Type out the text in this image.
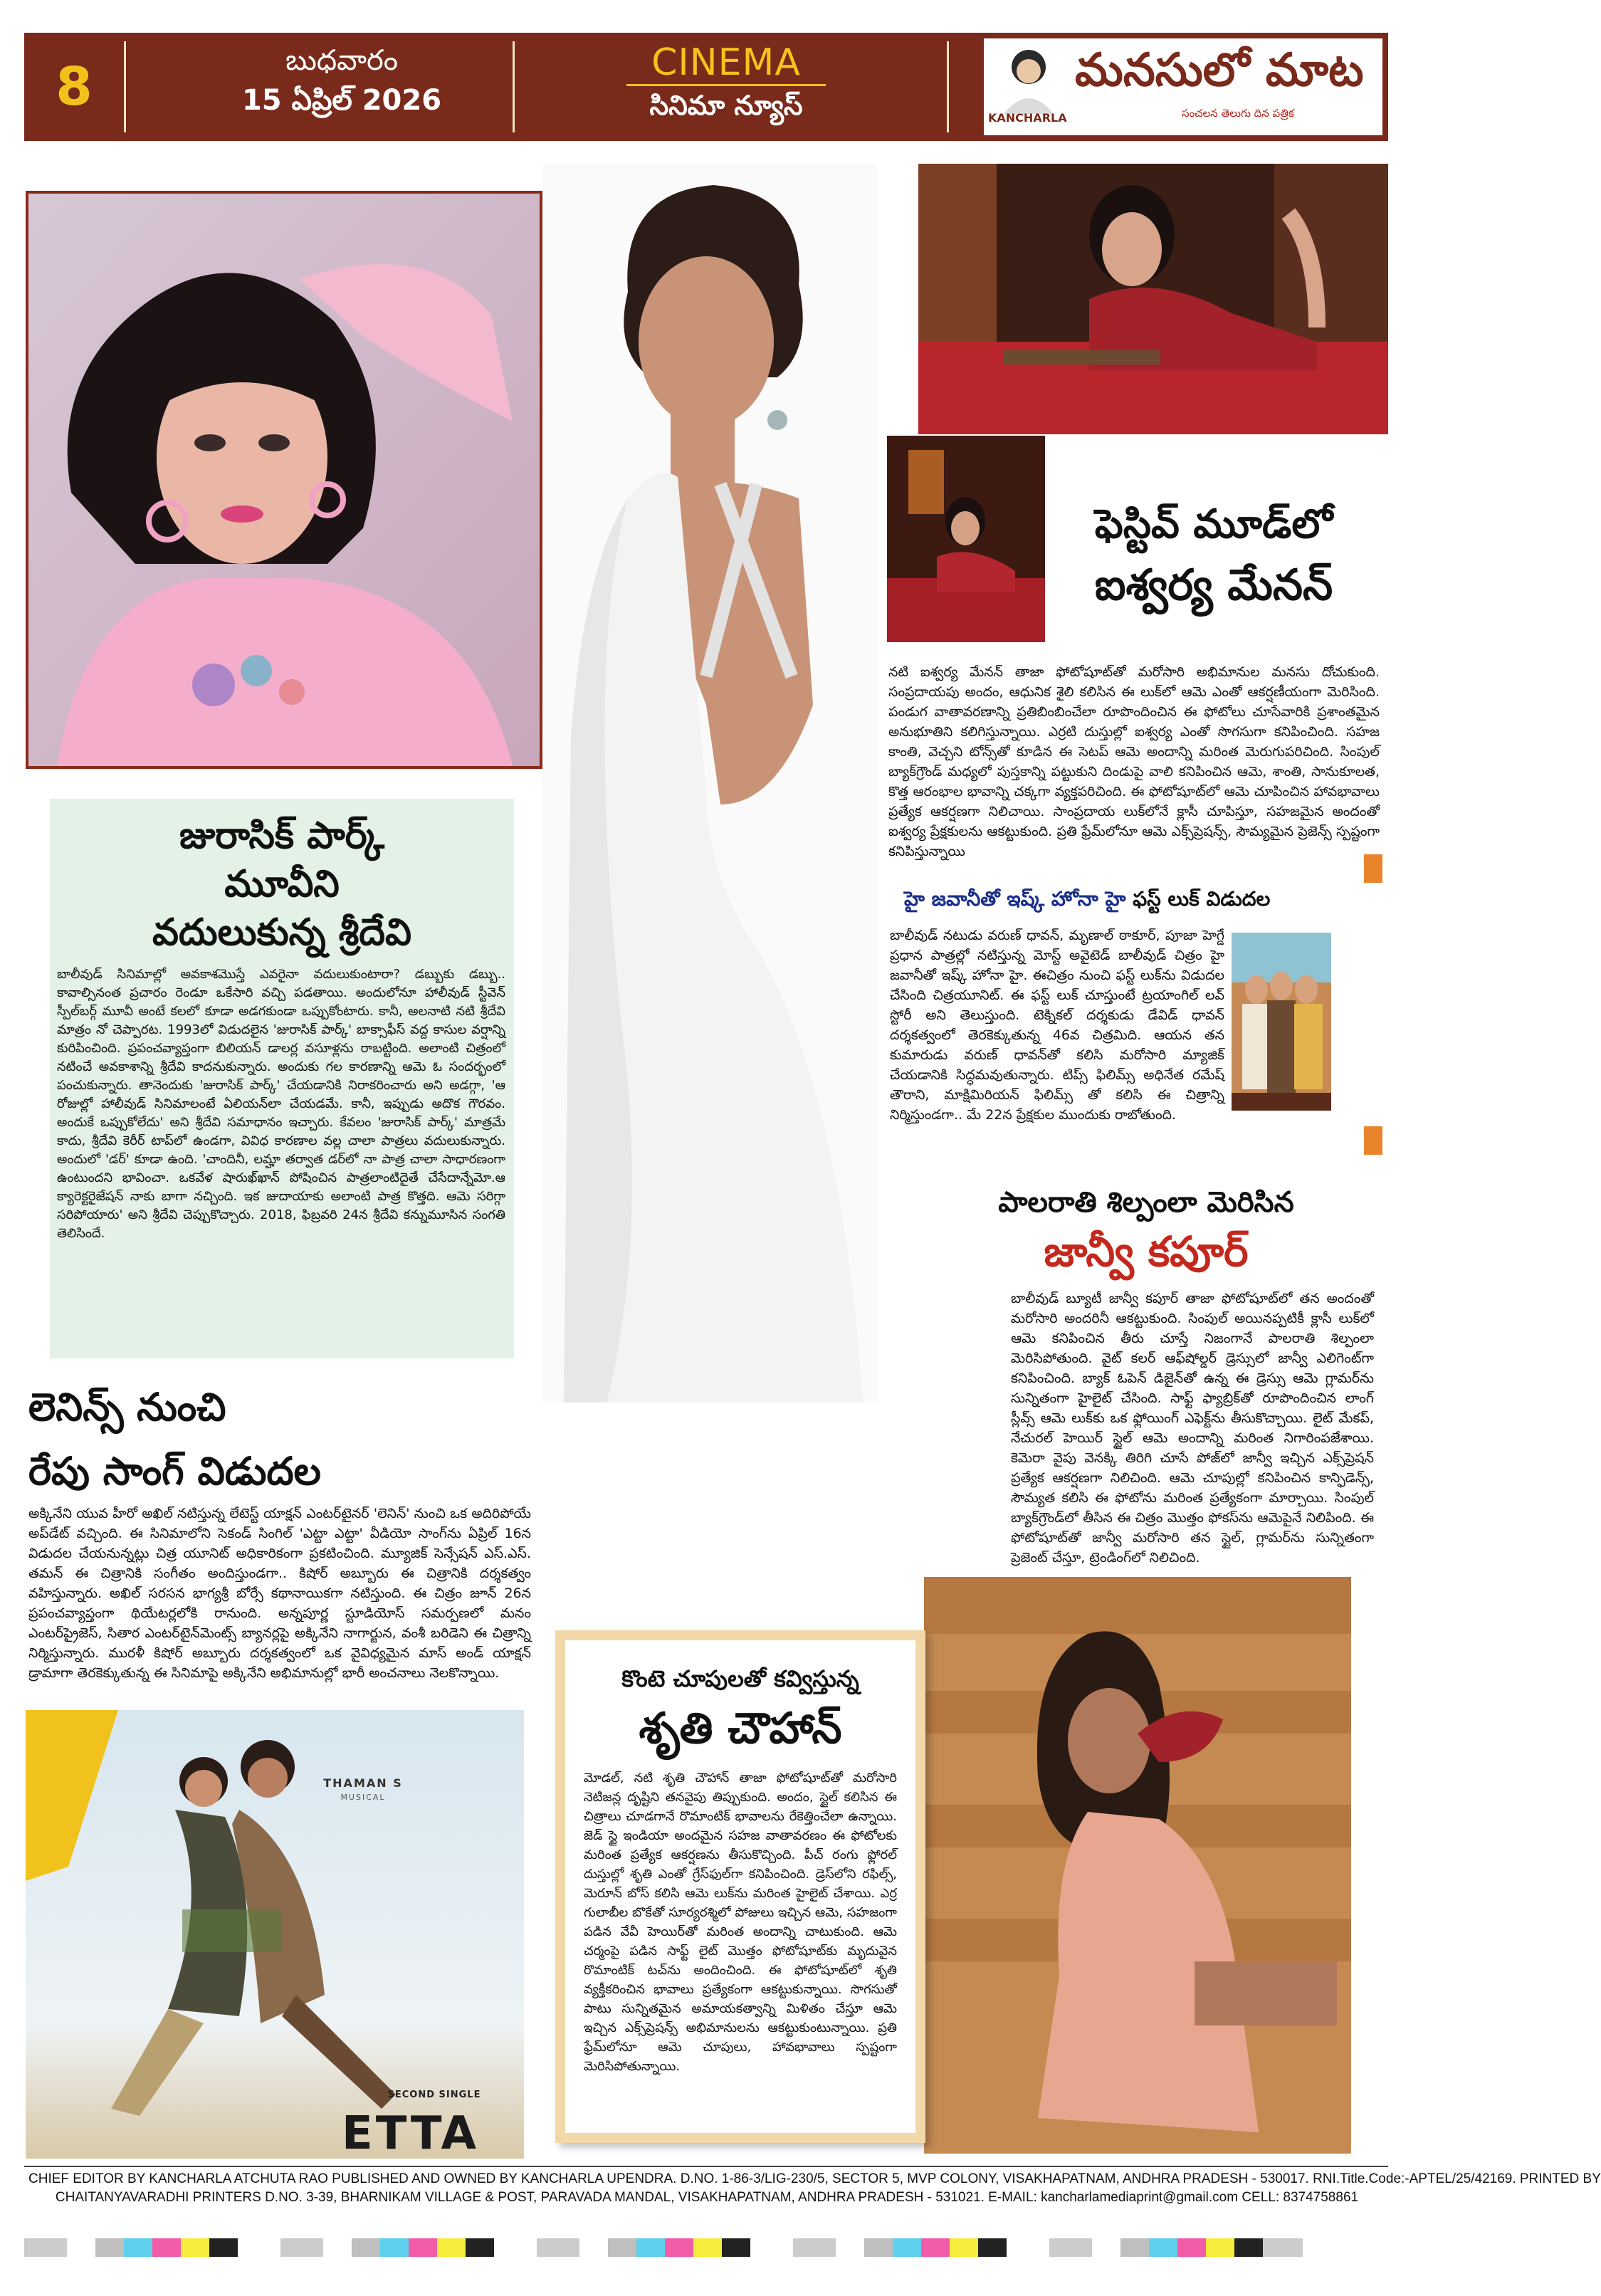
8	బుధవారం
15 ఏప్రిల్ 2026
CINEMA
సినిమా న్యూస్
మనసులో మాట
KANCHARLA	సంచలన తెలుగు దిన పత్రిక
THAMAN S
MUSICAL
SECOND SINGLE
ETTA
ఫెస్టివ్ మూడ్‌లో
ఐశ్వర్య మేనన్
నటి ఐశ్వర్య మేనన్ తాజా ఫోటోషూట్‌తో మరోసారి అభిమానుల మనసు దోచుకుంది. సంప్రదాయపు అందం, ఆధునిక శైలి కలిసిన ఈ లుక్‌లో ఆమె ఎంతో ఆకర్షణీయంగా మెరిసింది. పండుగ వాతావరణాన్ని ప్రతిబింబించేలా రూపొందించిన ఈ ఫోటోలు చూసేవారికి ప్రశాంతమైన అనుభూతిని కలిగిస్తున్నాయి. ఎర్రటి దుస్తుల్లో ఐశ్వర్య ఎంతో సొగసుగా కనిపించింది. సహజ కాంతి, వెచ్చని టోన్స్‌తో కూడిన ఈ సెటప్ ఆమె అందాన్ని మరింత మెరుగుపరిచింది. సింపుల్ బ్యాక్‌గ్రౌండ్ మధ్యలో పుస్తకాన్ని పట్టుకుని దిండుపై వాలి కనిపించిన ఆమె, శాంతి, సానుకూలత, కొత్త ఆరంభాల భావాన్ని చక్కగా వ్యక్తపరిచింది. ఈ ఫోటోషూట్‌లో ఆమె చూపించిన హావభావాలు ప్రత్యేక ఆకర్షణగా నిలిచాయి. సాంప్రదాయ లుక్‌లోనే క్లాసీ చూపిస్తూ, సహజమైన అందంతో ఐశ్వర్య ప్రేక్షకులను ఆకట్టుకుంది. ప్రతి ఫ్రేమ్‌లోనూ ఆమె ఎక్స్‌ప్రెషన్స్, సౌమ్యమైన ప్రెజెన్స్ స్పష్టంగా కనిపిస్తున్నాయి
హై జవానీతో ఇష్క్ హోనా హై ఫస్ట్ లుక్ విడుదల
బాలీవుడ్ నటుడు వరుణ్ ధావన్, మృణాల్ ఠాకూర్, పూజా హెగ్డే ప్రధాన పాత్రల్లో నటిస్తున్న మోస్ట్ అవైటెడ్ బాలీవుడ్ చిత్రం హై జవానీతో ఇష్క్ హోనా హై. ఈచిత్రం నుంచి ఫస్ట్ లుక్‌ను విడుదల చేసింది చిత్రయూనిట్. ఈ ఫస్ట్ లుక్ చూస్తుంటే ట్రయాంగిల్ లవ్ స్టోరీ అని తెలుస్తుంది. టెక్నికల్ దర్శకుడు డేవిడ్ ధావన్ దర్శకత్వంలో తెరకెక్కుతున్న 46వ చిత్రమిది. ఆయన తన కుమారుడు వరుణ్ ధావన్‌తో కలిసి మరోసారి మ్యాజిక్ చేయడానికి సిద్ధమవుతున్నారు. టిప్స్ ఫిలిమ్స్ అధినేత రమేష్ తౌరాని, మాక్షిమిరియన్ ఫిలిమ్స్ తో కలిసి ఈ చిత్రాన్ని నిర్మిస్తుండగా.. మే 22న ప్రేక్షకుల ముందుకు రాబోతుంది.
పాలరాతి శిల్పంలా మెరిసిన
జాన్వీ కపూర్
బాలీవుడ్ బ్యూటీ జాన్వీ కపూర్ తాజా ఫోటోషూట్‌లో తన అందంతో మరోసారి అందరినీ ఆకట్టుకుంది. సింపుల్ అయినప్పటికీ క్లాసీ లుక్‌లో ఆమె కనిపించిన తీరు చూస్తే నిజంగానే పాలరాతి శిల్పంలా మెరిసిపోతుంది. వైట్ కలర్ ఆఫ్‌షోల్డర్ డ్రెస్సులో జాన్వీ ఎలిగెంట్‌గా కనిపించింది. బ్యాక్ ఓపెన్ డిజైన్‌తో ఉన్న ఈ డ్రెస్సు ఆమె గ్లామర్‌ను సున్నితంగా హైలైట్ చేసింది. సాఫ్ట్ ఫ్యాబ్రిక్‌తో రూపొందించిన లాంగ్ స్లీవ్స్ ఆమె లుక్‌కు ఒక ఫ్లోయింగ్ ఎఫెక్ట్‌ను తీసుకొచ్చాయి. లైట్ మేకప్, నేచురల్ హెయిర్ స్టైల్ ఆమె అందాన్ని మరింత నిగారింపజేశాయి. కెమెరా వైపు వెనక్కి తిరిగి చూసే పోజ్‌లో జాన్వీ ఇచ్చిన ఎక్స్‌ప్రెషన్ ప్రత్యేక ఆకర్షణగా నిలిచింది. ఆమె చూపుల్లో కనిపించిన కాన్ఫిడెన్స్, సౌమ్యత కలిసి ఈ ఫోటోను మరింత ప్రత్యేకంగా మార్చాయి. సింపుల్ బ్యాక్‌గ్రౌండ్‌లో తీసిన ఈ చిత్రం మొత్తం ఫోకస్‌ను ఆమెపైనే నిలిపింది. ఈ ఫోటోషూట్‌తో జాన్వీ మరోసారి తన స్టైల్, గ్లామర్‌ను సున్నితంగా ప్రెజెంట్ చేస్తూ, ట్రెండింగ్‌లో నిలిచింది.
జురాసిక్ పార్క్
మూవీని
వదులుకున్న శ్రీదేవి
బాలీవుడ్ సినిమాల్లో అవకాశమొస్తే ఎవరైనా వదులుకుంటారా? డబ్బుకు డబ్బు.. కావాల్సినంత ప్రచారం రెండూ ఒకేసారి వచ్చి పడతాయి. అందులోనూ హాలీవుడ్ స్టీవెన్ స్పీల్‌బర్గ్ మూవీ అంటే కలలో కూడా అడగకుండా ఒప్పుకోంటారు. కానీ, అలనాటి నటి శ్రీదేవి మాత్రం నో చెప్పారట. 1993లో విడుదలైన 'జురాసిక్ పార్క్' బాక్సాఫీస్ వద్ద కాసుల వర్షాన్ని కురిపించింది. ప్రపంచవ్యాప్తంగా బిలియన్ డాలర్ల వసూళ్లను రాబట్టింది. అలాంటి చిత్రంలో నటించే అవకాశాన్ని శ్రీదేవి కాదనుకున్నారు. అందుకు గల కారణాన్ని ఆమె ఓ సందర్భంలో పంచుకున్నారు. తానెందుకు 'జురాసిక్ పార్క్' చేయడానికి నిరాకరించారు అని అడగ్గా, 'ఆ రోజుల్లో హాలీవుడ్ సినిమాలంటే ఏలియన్‌లా చేయడమే. కానీ, ఇప్పుడు అదొక గౌరవం. అందుకే ఒప్పుకోలేదు' అని శ్రీదేవి సమాధానం ఇచ్చారు. కేవలం 'జురాసిక్ పార్క్' మాత్రమే కాదు, శ్రీదేవి కెరీర్ టాప్‌లో ఉండగా, వివిధ కారణాల వల్ల చాలా పాత్రలు వదులుకున్నారు. అందులో 'డర్' కూడా ఉంది. 'చాందినీ, లమ్హా తర్వాత డర్‌లో నా పాత్ర చాలా సాధారణంగా ఉంటుందని భావించా. ఒకవేళ షారుఖ్‌ఖాన్ పోషించిన పాత్రలాంటిదైతే చేసేదాన్నేమో.ఆ క్యారెక్టరైజేషన్ నాకు బాగా నచ్చింది. ఇక జుదాయాకు అలాంటి పాత్ర కొత్తది. ఆమె సరిగ్గా సరిపోయారు' అని శ్రీదేవి చెప్పుకొచ్చారు. 2018, ఫిబ్రవరి 24న శ్రీదేవి కన్నుమూసిన సంగతి తెలిసిందే.
లెనిన్స్ నుంచి
రేపు సాంగ్ విడుదల
అక్కినేని యువ హీరో అఖిల్ నటిస్తున్న లేటెస్ట్ యాక్షన్ ఎంటర్‌టైనర్ 'లెనిన్' నుంచి ఒక అదిరిపోయే అప్‌డేట్ వచ్చింది. ఈ సినిమాలోని సెకండ్ సింగిల్ 'ఎట్టా ఎట్టా' వీడియో సాంగ్‌ను ఏప్రిల్ 16న విడుదల చేయనున్నట్లు చిత్ర యూనిట్ అధికారికంగా ప్రకటించింది. మ్యూజిక్ సెన్సేషన్ ఎస్.ఎస్. తమన్ ఈ చిత్రానికి సంగీతం అందిస్తుండగా.. కిషోర్ అబ్బూరు ఈ చిత్రానికి దర్శకత్వం వహిస్తున్నారు. అఖిల్ సరసన భాగ్యశ్రీ బోర్సే కథానాయికగా నటిస్తుంది. ఈ చిత్రం జూన్ 26న ప్రపంచవ్యాప్తంగా థియేటర్లలోకి రానుంది. అన్నపూర్ణ స్టూడియోస్ సమర్పణలో మనం ఎంటర్‌ప్రైజెస్, సితార ఎంటర్‌టైన్‌మెంట్స్ బ్యానర్లపై అక్కినేని నాగార్జున, వంశీ బరిడెని ఈ చిత్రాన్ని నిర్మిస్తున్నారు. మురళీ కిషోర్ అబ్బూరు దర్శకత్వంలో ఒక వైవిధ్యమైన మాస్ అండ్ యాక్షన్ డ్రామాగా తెరకెక్కుతున్న ఈ సినిమాపై అక్కినేని అభిమానుల్లో భారీ అంచనాలు నెలకొన్నాయి.	కొంటె చూపులతో కవ్విస్తున్న
శృతి చౌహాన్
మోడల్, నటి శృతి చౌహాన్ తాజా ఫోటోషూట్‌తో మరోసారి నెటిజన్ల దృష్టిని తనవైపు తిప్పుకుంది. అందం, స్టైల్ కలిసిన ఈ చిత్రాలు చూడగానే రొమాంటిక్ భావాలను రేకెత్తించేలా ఉన్నాయి. జెడ్ స్టై ఇండియా అందమైన సహజ వాతావరణం ఈ ఫోటోలకు మరింత ప్రత్యేక ఆకర్షణను తీసుకొచ్చింది. పీచ్ రంగు ఫ్లోరల్ దుస్తుల్లో శృతి ఎంతో గ్రేస్‌ఫుల్‌గా కనిపించింది. డ్రెస్‌లోని రఫిల్స్, మెరూన్ బోస్ కలిసి ఆమె లుక్‌ను మరింత హైలైట్ చేశాయి. ఎర్ర గులాబీల బొకేతో సూర్యరశ్మిలో పోజులు ఇచ్చిన ఆమె, సహజంగా పడిన వేవీ హెయిర్‌తో మరింత అందాన్ని చాటుకుంది. ఆమె చర్మంపై పడిన సాఫ్ట్ లైట్ మొత్తం ఫోటోషూట్‌కు మృదువైన రొమాంటిక్ టచ్‌ను అందించింది. ఈ ఫోటోషూట్‌లో శృతి వ్యక్తీకరించిన భావాలు ప్రత్యేకంగా ఆకట్టుకున్నాయి. సొగసుతో పాటు సున్నితమైన అమాయకత్వాన్ని మిళితం చేస్తూ ఆమె ఇచ్చిన ఎక్స్‌ప్రెషన్స్ అభిమానులను ఆకట్టుకుంటున్నాయి. ప్రతి ఫ్రేమ్‌లోనూ ఆమె చూపులు, హావభావాలు స్పష్టంగా మెరిసిపోతున్నాయి.
CHIEF EDITOR BY KANCHARLA ATCHUTA RAO PUBLISHED AND OWNED BY KANCHARLA UPENDRA. D.NO. 1-86-3/LIG-230/5, SECTOR 5, MVP COLONY, VISAKHAPATNAM, ANDHRA PRADESH - 530017. RNI.Title.Code:-APTEL/25/42169. PRINTED BY
CHAITANYAVARADHI PRINTERS D.NO. 3-39, BHARNIKAM VILLAGE & POST, PARAVADA MANDAL, VISAKHAPATNAM, ANDHRA PRADESH - 531021. E-MAIL: kancharlamediaprint@gmail.com CELL: 8374758861
